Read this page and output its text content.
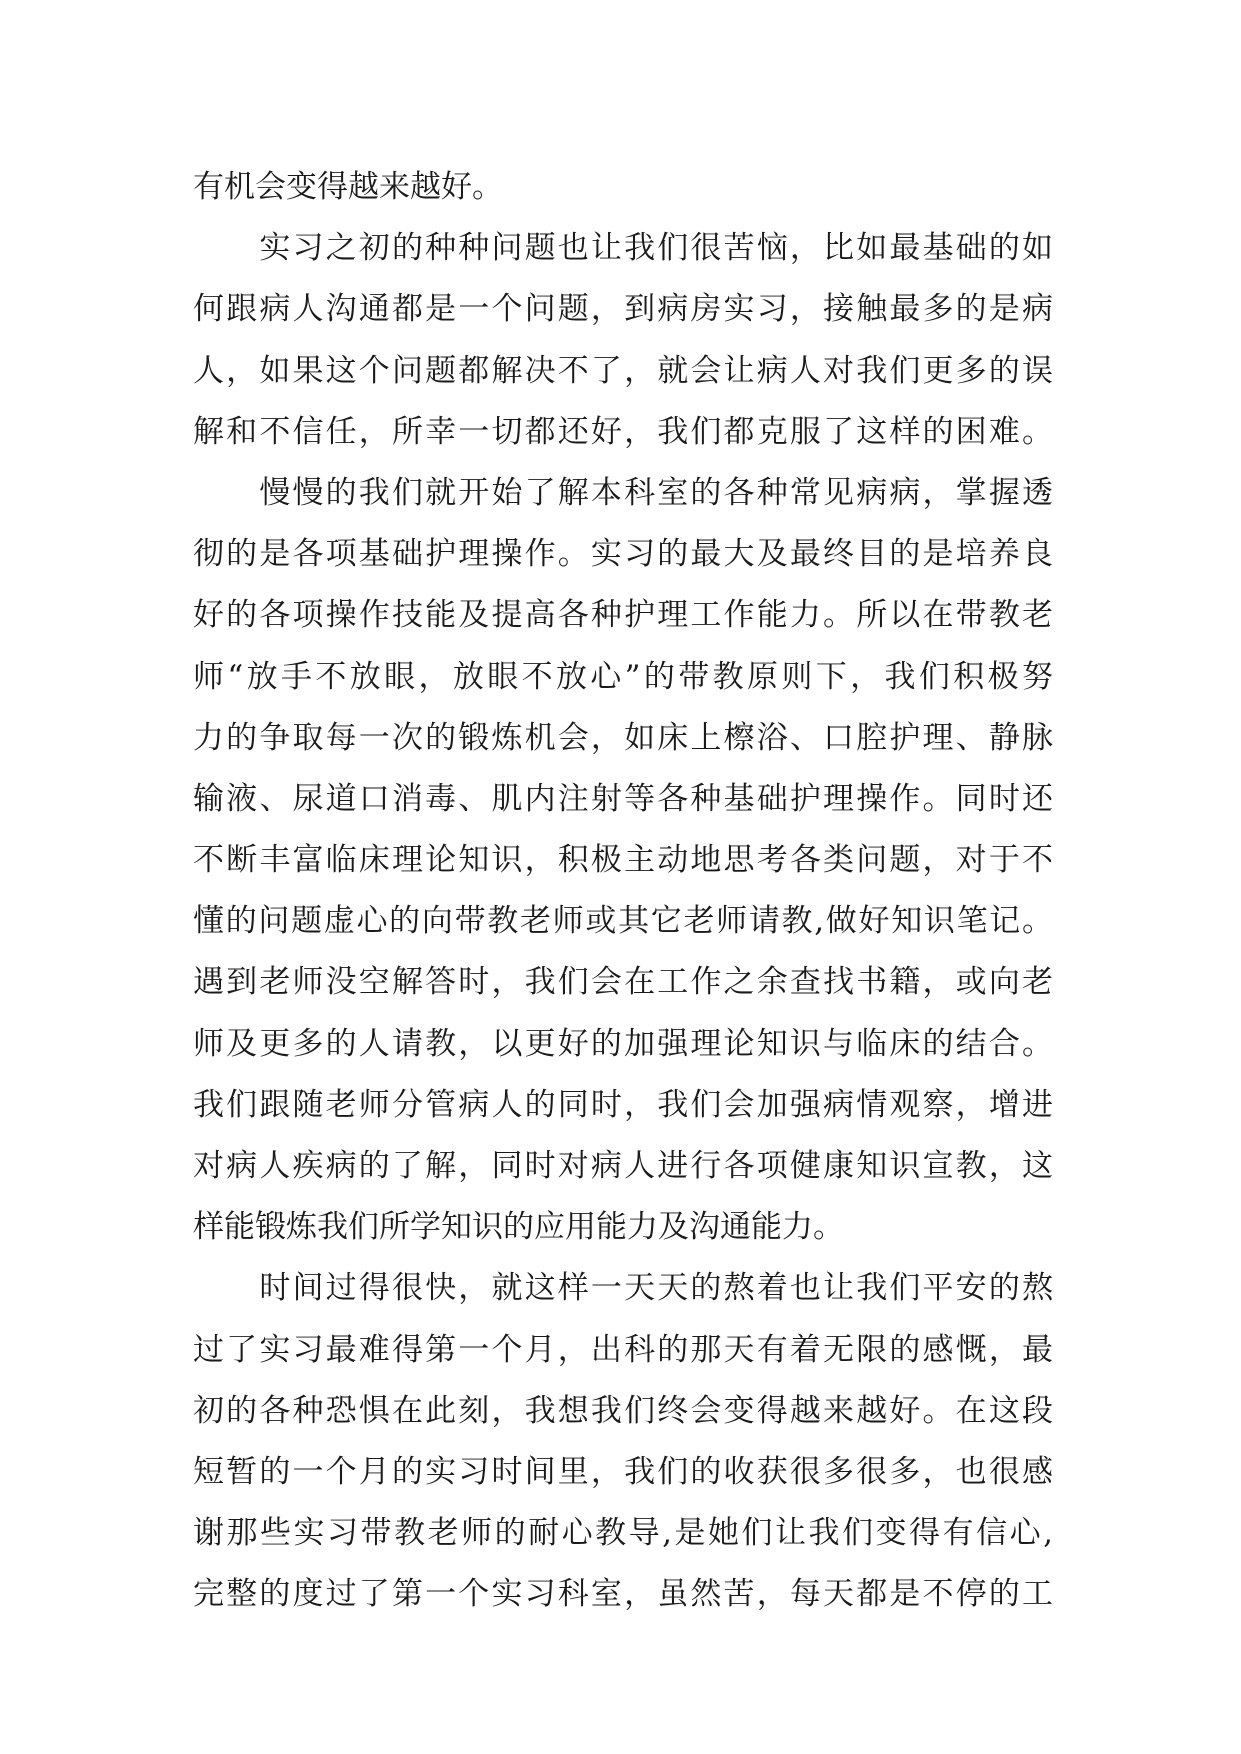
有机会变得越来越好。
　　实习之初的种种问题也让我们很苦恼，比如最基础的如
何跟病人沟通都是一个问题，到病房实习，接触最多的是病
人，如果这个问题都解决不了，就会让病人对我们更多的误
解和不信任，所幸一切都还好，我们都克服了这样的困难。
　　慢慢的我们就开始了解本科室的各种常见病病，掌握透
彻的是各项基础护理操作。实习的最大及最终目的是培养良
好的各项操作技能及提高各种护理工作能力。所以在带教老
师“放手不放眼，放眼不放心”的带教原则下，我们积极努
力的争取每一次的锻炼机会，如床上檫浴、口腔护理、静脉
输液、尿道口消毒、肌内注射等各种基础护理操作。同时还
不断丰富临床理论知识，积极主动地思考各类问题，对于不
懂的问题虚心的向带教老师或其它老师请教,做好知识笔记。
遇到老师没空解答时，我们会在工作之余查找书籍，或向老
师及更多的人请教，以更好的加强理论知识与临床的结合。
我们跟随老师分管病人的同时，我们会加强病情观察，增进
对病人疾病的了解，同时对病人进行各项健康知识宣教，这
样能锻炼我们所学知识的应用能力及沟通能力。
　　时间过得很快，就这样一天天的熬着也让我们平安的熬
过了实习最难得第一个月，出科的那天有着无限的感慨，最
初的各种恐惧在此刻，我想我们终会变得越来越好。在这段
短暂的一个月的实习时间里，我们的收获很多很多，也很感
谢那些实习带教老师的耐心教导,是她们让我们变得有信心,
完整的度过了第一个实习科室，虽然苦，每天都是不停的工
